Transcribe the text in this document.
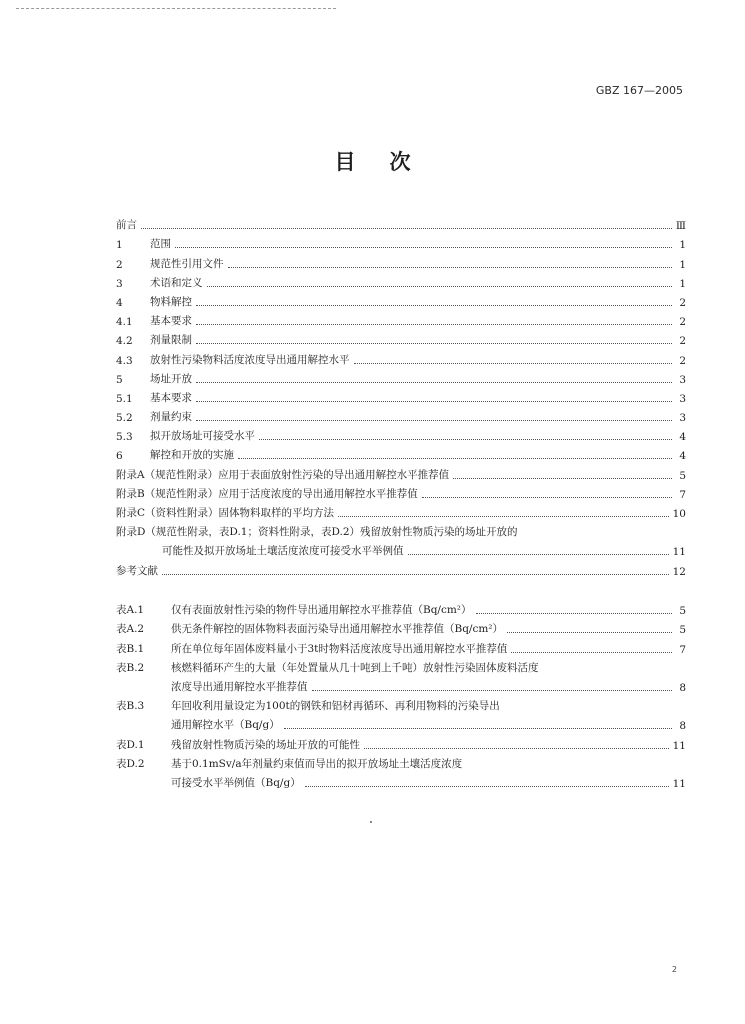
GBZ 167—2005
目次
前言	Ⅲ
1	范围	1
2	规范性引用文件	1
3	术语和定义	1
4	物料解控	2
4.1	基本要求	2
4.2	剂量限制	2
4.3	放射性污染物料活度浓度导出通用解控水平	2
5	场址开放	3
5.1	基本要求	3
5.2	剂量约束	3
5.3	拟开放场址可接受水平	4
6	解控和开放的实施	4
附录A（规范性附录）应用于表面放射性污染的导出通用解控水平推荐值	5
附录B（规范性附录）应用于活度浓度的导出通用解控水平推荐值	7
附录C（资料性附录）固体物料取样的平均方法	10
附录D（规范性附录，表D.1；资料性附录，表D.2）残留放射性物质污染的场址开放的
可能性及拟开放场址土壤活度浓度可接受水平举例值	11
参考文献	12
表A.1	仅有表面放射性污染的物件导出通用解控水平推荐值（Bq/cm²）	5
表A.2	供无条件解控的固体物料表面污染导出通用解控水平推荐值（Bq/cm²）	5
表B.1	所在单位每年固体废料量小于3t时物料活度浓度导出通用解控水平推荐值	7
表B.2	核燃料循环产生的大量（年处置量从几十吨到上千吨）放射性污染固体废料活度
浓度导出通用解控水平推荐值	8
表B.3	年回收利用量设定为100t的钢铁和铝材再循环、再利用物料的污染导出
通用解控水平（Bq/g）	8
表D.1	残留放射性物质污染的场址开放的可能性	11
表D.2	基于0.1mSv/a年剂量约束值而导出的拟开放场址土壤活度浓度
可接受水平举例值（Bq/g）	11
2
